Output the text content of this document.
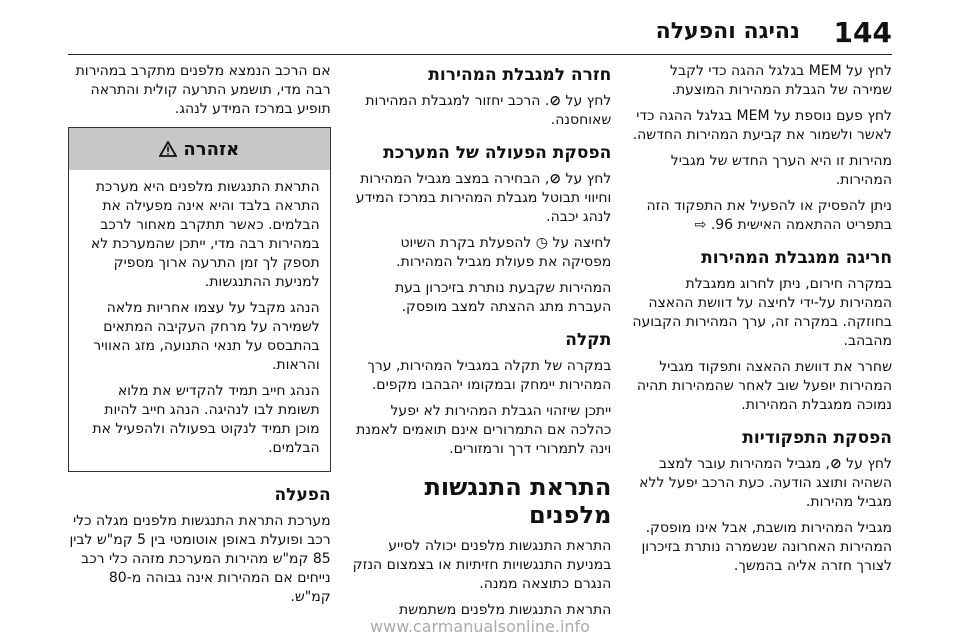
144
נהיגה והפעלה

לחץ על MEM בגלגל ההגה כדי לקבל שמירה של הגבלת המהירות המוצעת.

לחץ פעם נוספת על MEM בגלגל ההגה כדי לאשר ולשמור את קביעת המהירות החדשה.

מהירות זו היא הערך החדש של מגביל המהירות.

ניתן להפסיק או להפעיל את התפקוד הזה בתפריט ההתאמה האישית 96. ⇨

חריגה ממגבלת המהירות

במקרה חירום, ניתן לחרוג ממגבלת המהירות על-ידי לחיצה על דוושת ההאצה בחוזקה. במקרה זה, ערך המהירות הקבועה מהבהב.

שחרר את דוושת ההאצה ותפקוד מגביל המהירות יופעל שוב לאחר שהמהירות תהיה נמוכה ממגבלת המהירות.

הפסקת התפקודיות

לחץ על ⊘, מגביל המהירות עובר למצב השהיה ותוצג הודעה. כעת הרכב יפעל ללא מגביל מהירות.

מגביל המהירות מושבת, אבל אינו מופסק. המהירות האחרונה שנשמרה נותרת בזיכרון לצורך חזרה אליה בהמשך.

חזרה למגבלת המהירות

לחץ על ⊘. הרכב יחזור למגבלת המהירות שאוחסנה.

הפסקת הפעולה של המערכת

לחץ על ⊘, הבחירה במצב מגביל המהירות וחיווי תבוטל מגבלת המהירות במרכז המידע לנהג יכבה.

לחיצה על ◷ להפעלת בקרת השיוט מפסיקה את פעולת מגביל המהירות.

המהירות שקבעת נותרת בזיכרון בעת העברת מתג ההצתה למצב מופסק.

תקלה

במקרה של תקלה במגביל המהירות, ערך המהירות יימחק ובמקומו יהבהבו מקפים.

ייתכן שיזהוי הגבלת המהירות לא יפעל כהלכה אם התמרורים אינם תואמים לאמנת וינה לתמרורי דרך ורמזורים.

התראת התנגשות מלפנים

התראת התנגשות מלפנים יכולה לסייע במניעת התנגשויות חזיתיות או בצמצום הנזק הנגרם כתוצאה ממנה.

התראת התנגשות מלפנים משתמשת

אם הרכב הנמצא מלפנים מתקרב במהירות רבה מדי, תושמע התרעה קולית והתראה תופיע במרכז המידע לנהג.

אזהרה

התראת התנגשות מלפנים היא מערכת התראה בלבד והיא אינה מפעילה את הבלמים. כאשר תתקרב מאחור לרכב במהירות רבה מדי, ייתכן שהמערכת לא תספק לך זמן התרעה ארוך מספיק למניעת ההתנגשות.

הנהג מקבל על עצמו אחריות מלאה לשמירה על מרחק העקיבה המתאים בהתבסס על תנאי התנועה, מזג האוויר והראות.

הנהג חייב תמיד להקדיש את מלוא תשומת לבו לנהיגה. הנהג חייב להיות מוכן תמיד לנקוט בפעולה ולהפעיל את הבלמים.

הפעלה

מערכת התראת התנגשות מלפנים מגלה כלי רכב ופועלת באופן אוטומטי בין 5 קמ"ש לבין 85 קמ"ש מהירות המערכת מזהה כלי רכב נייחים אם המהירות אינה גבוהה מ-80 קמ"ש.

www.carmanualsonline.info
